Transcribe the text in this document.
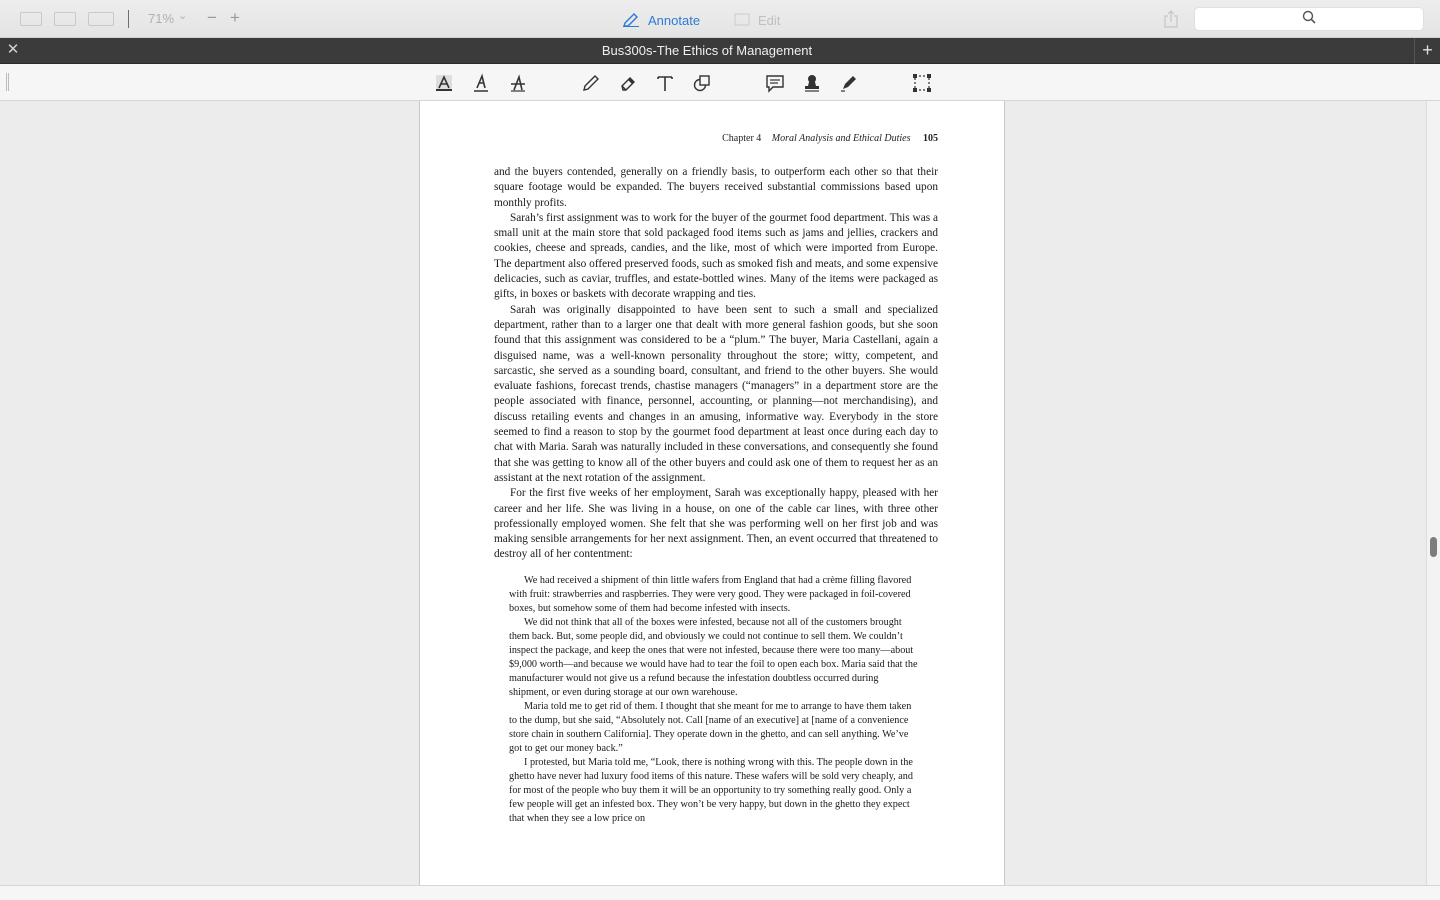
71% ⌄ − +	Annotate	Edit
✕	Bus300s-The Ethics of Management	+
Chapter 4 Moral Analysis and Ethical Duties 105

and the buyers contended, generally on a friendly basis, to outperform each other so that their square footage would be expanded. The buyers received substantial commissions based upon monthly profits.

Sarah’s first assignment was to work for the buyer of the gourmet food department. This was a small unit at the main store that sold packaged food items such as jams and jellies, crackers and cookies, cheese and spreads, candies, and the like, most of which were imported from Europe. The department also offered preserved foods, such as smoked fish and meats, and some expensive delicacies, such as caviar, truffles, and estate-bottled wines. Many of the items were packaged as gifts, in boxes or baskets with decorate wrapping and ties.

Sarah was originally disappointed to have been sent to such a small and specialized department, rather than to a larger one that dealt with more general fashion goods, but she soon found that this assignment was considered to be a “plum.” The buyer, Maria Castellani, again a disguised name, was a well-known personality throughout the store; witty, competent, and sarcastic, she served as a sounding board, consultant, and friend to the other buyers. She would evaluate fashions, forecast trends, chastise managers (“managers” in a department store are the people associated with finance, personnel, accounting, or planning—not merchandising), and discuss retailing events and changes in an amusing, informative way. Everybody in the store seemed to find a reason to stop by the gourmet food department at least once during each day to chat with Maria. Sarah was naturally included in these conversations, and consequently she found that she was getting to know all of the other buyers and could ask one of them to request her as an assistant at the next rotation of the assignment.

For the first five weeks of her employment, Sarah was exceptionally happy, pleased with her career and her life. She was living in a house, on one of the cable car lines, with three other professionally employed women. She felt that she was performing well on her first job and was making sensible arrangements for her next assignment. Then, an event occurred that threatened to destroy all of her contentment:

We had received a shipment of thin little wafers from England that had a crème filling flavored with fruit: strawberries and raspberries. They were very good. They were packaged in foil-covered boxes, but somehow some of them had become infested with insects.

We did not think that all of the boxes were infested, because not all of the customers brought them back. But, some people did, and obviously we could not continue to sell them. We couldn’t inspect the package, and keep the ones that were not infested, because there were too many—about $9,000 worth—and because we would have had to tear the foil to open each box. Maria said that the manufacturer would not give us a refund because the infestation doubtless occurred during shipment, or even during storage at our own warehouse.

Maria told me to get rid of them. I thought that she meant for me to arrange to have them taken to the dump, but she said, “Absolutely not. Call [name of an executive] at [name of a convenience store chain in southern California]. They operate down in the ghetto, and can sell anything. We’ve got to get our money back.”

I protested, but Maria told me, “Look, there is nothing wrong with this. The people down in the ghetto have never had luxury food items of this nature. These wafers will be sold very cheaply, and for most of the people who buy them it will be an opportunity to try something really good. Only a few people will get an infested box. They won’t be very happy, but down in the ghetto they expect that when they see a low price on
